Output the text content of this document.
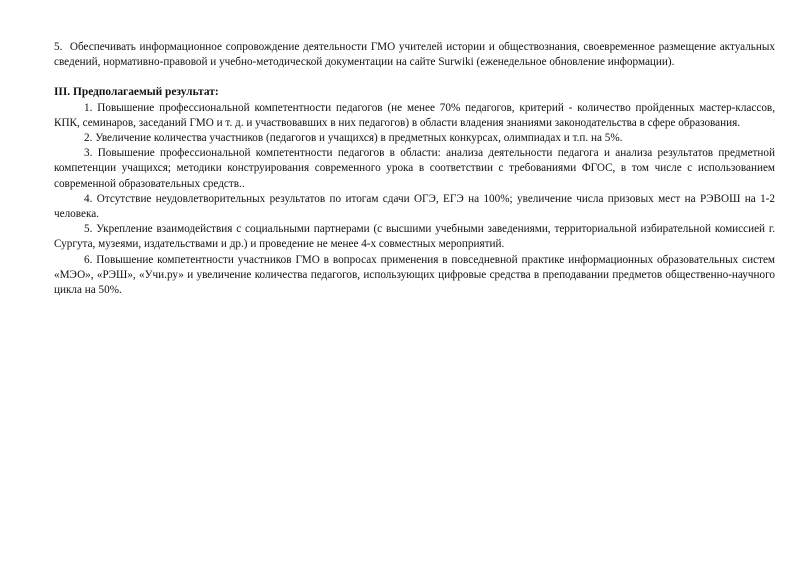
5. Обеспечивать информационное сопровождение деятельности ГМО учителей истории и обществознания, своевременное размещение актуальных сведений, нормативно-правовой и учебно-методической документации на сайте Surwiki (еженедельное обновление информации).

III. Предполагаемый результат:

1. Повышение профессиональной компетентности педагогов (не менее 70% педагогов, критерий - количество пройденных мастер-классов, КПК, семинаров, заседаний ГМО и т. д. и участвовавших в них педагогов) в области владения знаниями законодательства в сфере образования.

2. Увеличение количества участников (педагогов и учащихся) в предметных конкурсах, олимпиадах и т.п. на 5%.

3. Повышение профессиональной компетентности педагогов в области: анализа деятельности педагога и анализа результатов предметной компетенции учащихся; методики конструирования современного урока в соответствии с требованиями ФГОС, в том числе с использованием современной образовательных средств..

4. Отсутствие неудовлетворительных результатов по итогам сдачи ОГЭ, ЕГЭ на 100%; увеличение числа призовых мест на РЭВОШ на 1-2 человека.

5. Укрепление взаимодействия с социальными партнерами (с высшими учебными заведениями, территориальной избирательной комиссией г. Сургута, музеями, издательствами и др.) и проведение не менее 4-х совместных мероприятий.

6. Повышение компетентности участников ГМО в вопросах применения в повседневной практике информационных образовательных систем «МЭО», «РЭШ», «Учи.ру» и увеличение количества педагогов, использующих цифровые средства в преподавании предметов общественно-научного цикла на 50%.
